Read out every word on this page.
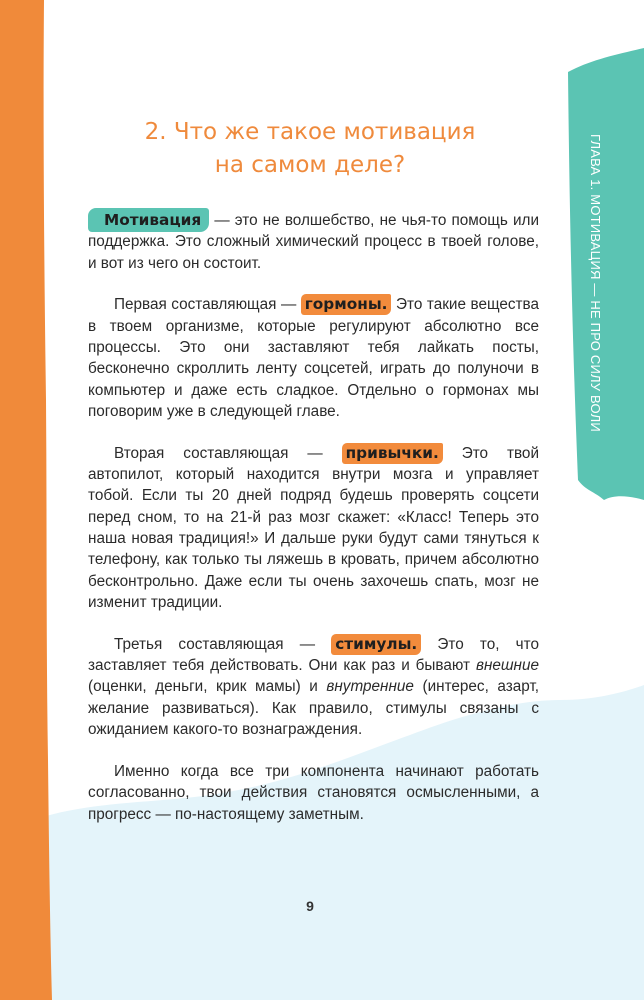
ГЛАВА 1. МОТИВАЦИЯ — НЕ ПРО СИЛУ ВОЛИ
2. Что же такое мотивация
на самом деле?

Мотивация — это не волшебство, не чья-то помощь или поддержка. Это сложный химический процесс в твоей голове, и вот из чего он состоит.

Первая составляющая — гормоны. Это такие вещества в твоем организме, которые регулируют абсолютно все процессы. Это они заставляют тебя лайкать посты, бесконечно скроллить ленту соцсетей, играть до полуночи в компьютер и даже есть сладкое. Отдельно о гормонах мы поговорим уже в следующей главе.

Вторая составляющая — привычки. Это твой автопилот, который находится внутри мозга и управляет тобой. Если ты 20 дней подряд будешь проверять соцсети перед сном, то на 21-й раз мозг скажет: «Класс! Теперь это наша новая традиция!» И дальше руки будут сами тянуться к телефону, как только ты ляжешь в кровать, причем абсолютно бесконтрольно. Даже если ты очень захочешь спать, мозг не изменит традиции.

Третья составляющая — стимулы. Это то, что заставляет тебя действовать. Они как раз и бывают внешние (оценки, деньги, крик мамы) и внутренние (интерес, азарт, желание развиваться). Как правило, стимулы связаны с ожиданием какого-то вознаграждения.

Именно когда все три компонента начинают работать согласованно, твои действия становятся осмысленными, а прогресс — по-настоящему заметным.

9
